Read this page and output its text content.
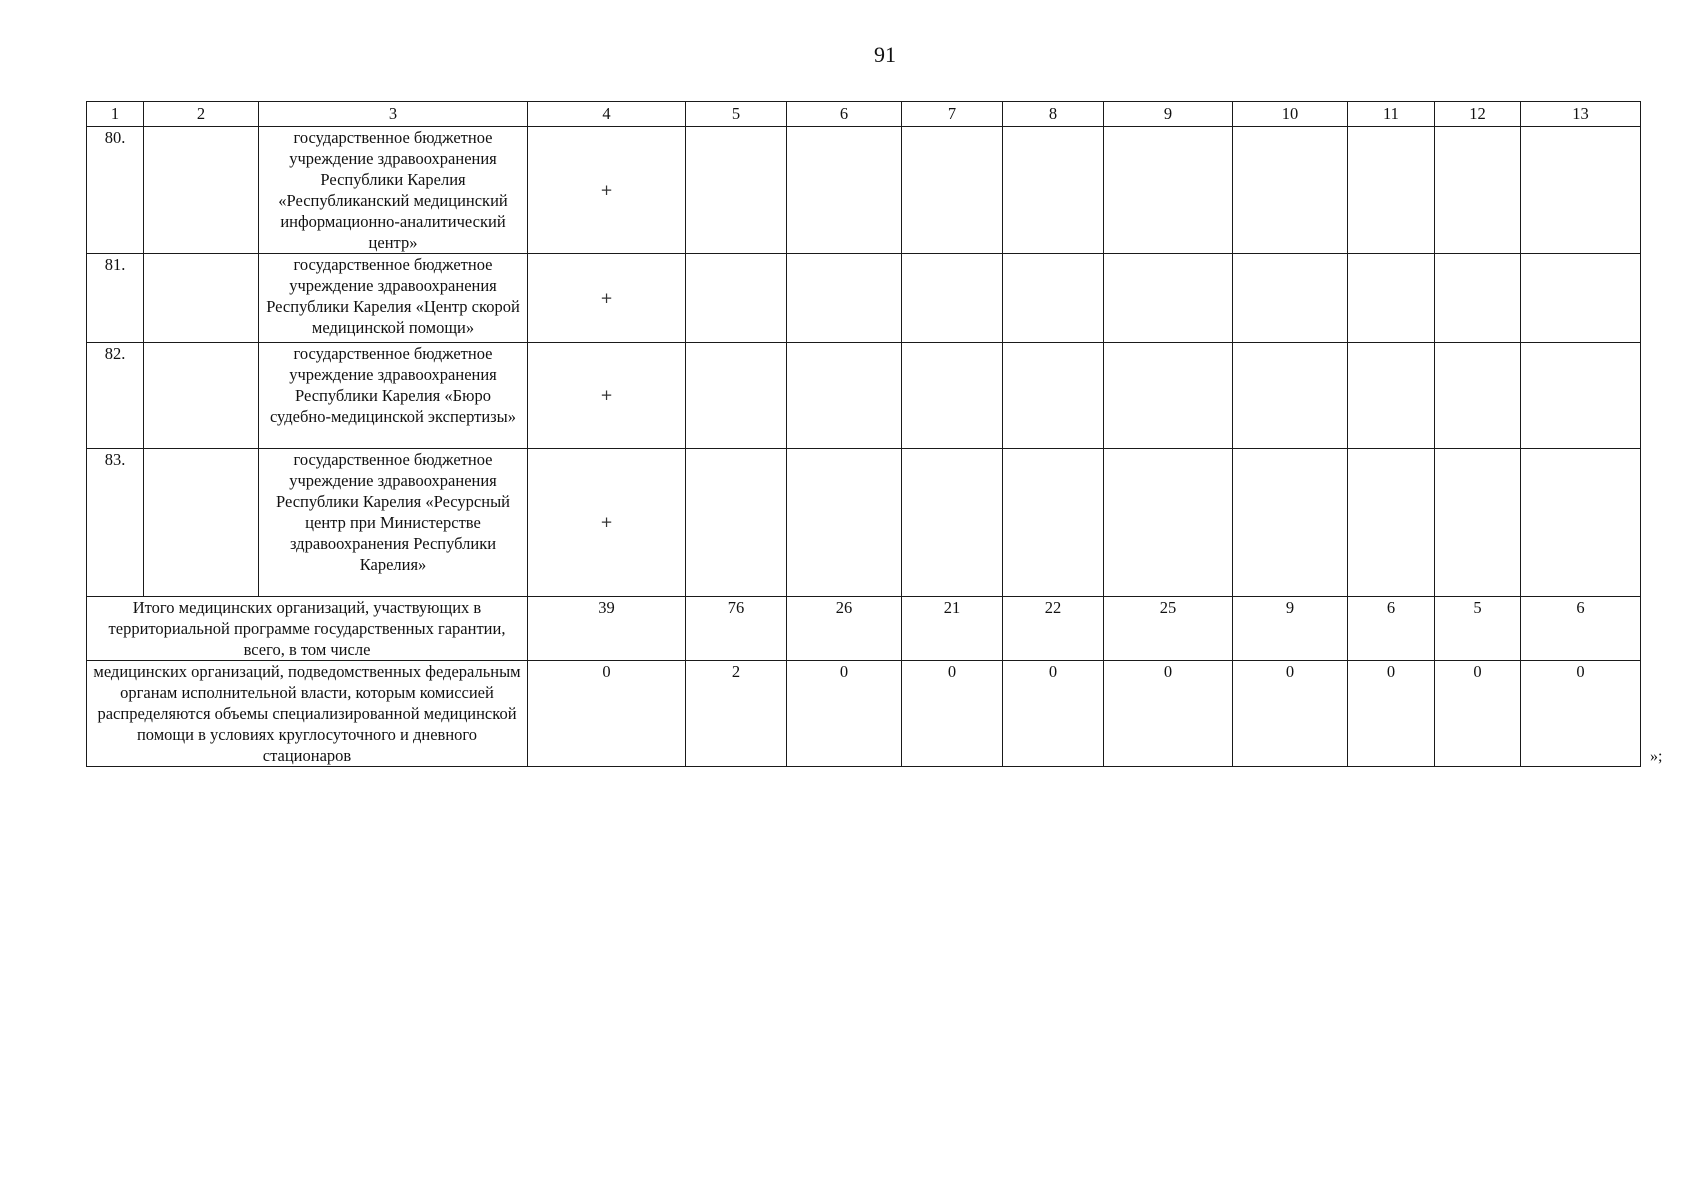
91
1	2	3	4	5	6	7	8	9	10	11	12	13
80.		государственное бюджетное учреждение здравоохранения Республики Карелия «Республиканский медицинский информационно-аналитический центр»	+									
81.		государственное бюджетное учреждение здравоохранения Республики Карелия «Центр скорой медицинской помощи»	+									
82.		государственное бюджетное учреждение здравоохранения Республики Карелия «Бюро судебно-медицинской экспертизы»	+									
83.		государственное бюджетное учреждение здравоохранения Республики Карелия «Ресурсный центр при Министерстве здравоохранения Республики Карелия»	+									
Итого медицинских организаций, участвующих в территориальной программе государственных гарантии, всего, в том числе			39	76	26	21	22	25	9	6	5	6
медицинских организаций, подведомственных федеральным органам исполнительной власти, которым комиссией распределяются объемы специализированной медицинской помощи в условиях круглосуточного и дневного стационаров			0	2	0	0	0	0	0	0	0	0
»;
